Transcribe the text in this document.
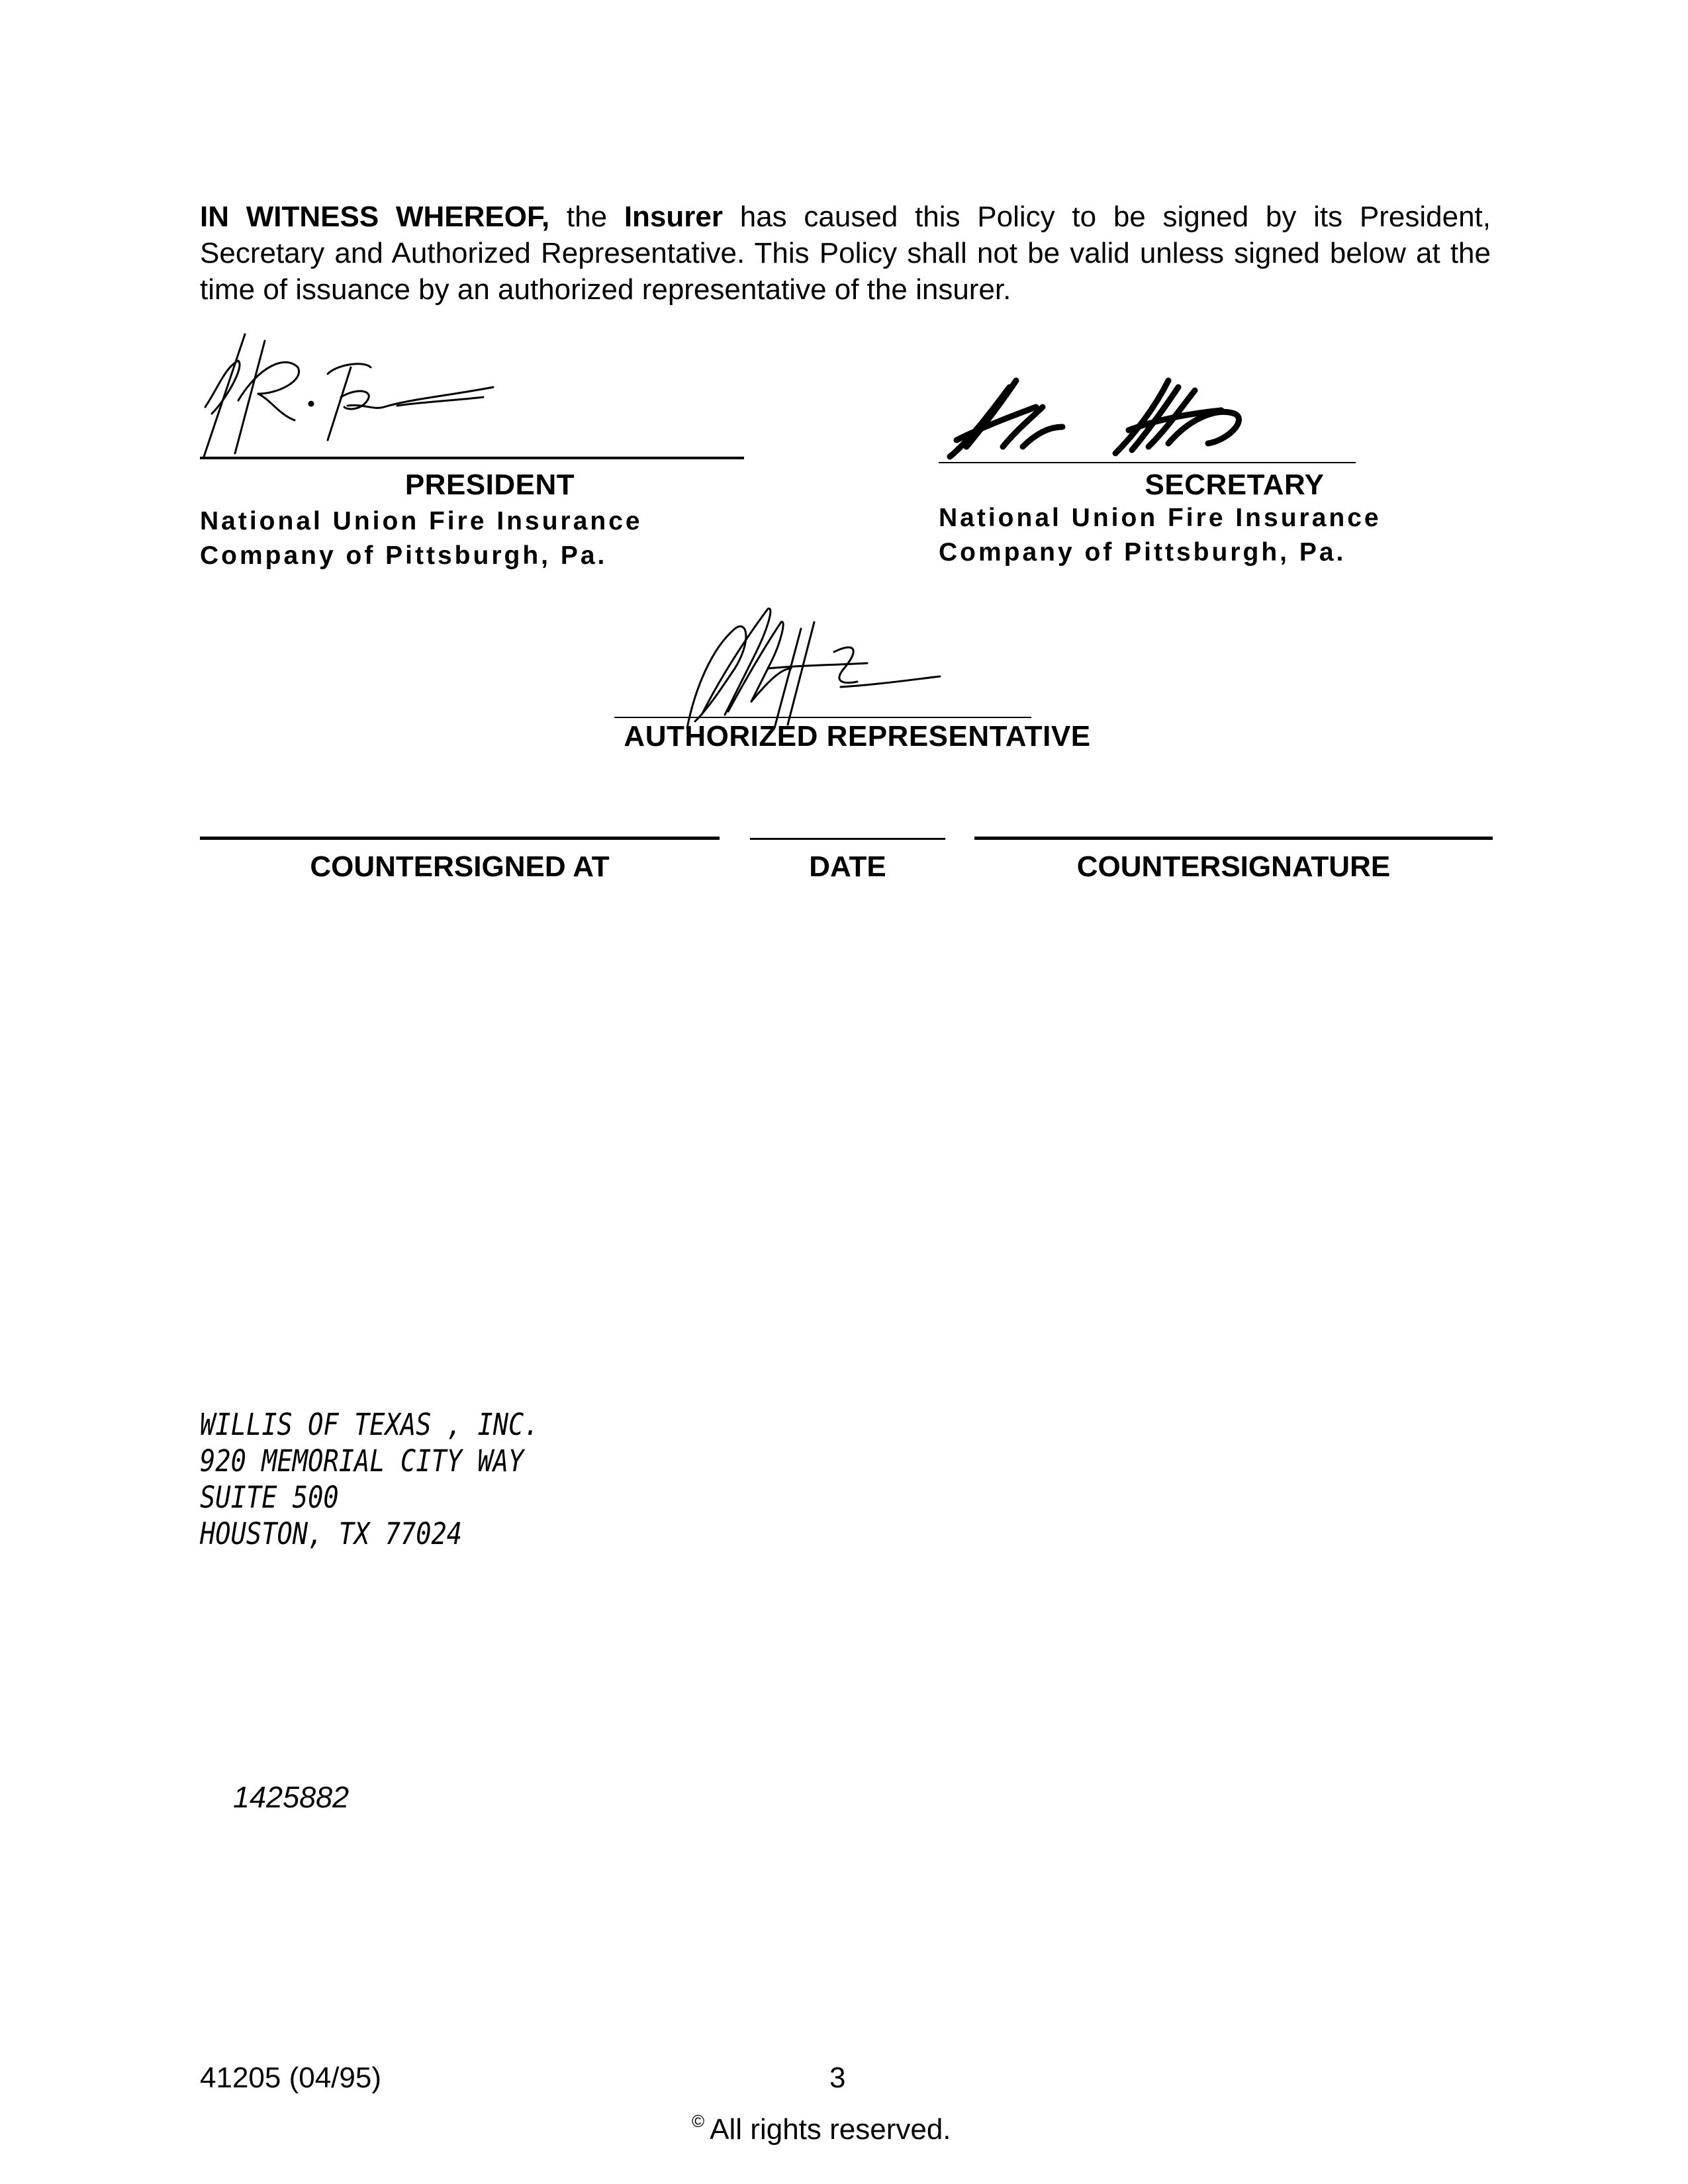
IN WITNESS WHEREOF, the Insurer has caused this Policy to be signed by its President, Secretary and Authorized Representative. This Policy shall not be valid unless signed below at the time of issuance by an authorized representative of the insurer.
PRESIDENT
National Union Fire Insurance
Company of Pittsburgh, Pa.
SECRETARY
National Union Fire Insurance
Company of Pittsburgh, Pa.
AUTHORIZED REPRESENTATIVE
COUNTERSIGNED AT	DATE	COUNTERSIGNATURE
WILLIS OF TEXAS , INC.
920 MEMORIAL CITY WAY
SUITE 500
HOUSTON, TX 77024
1425882
41205 (04/95)	3
© All rights reserved.
